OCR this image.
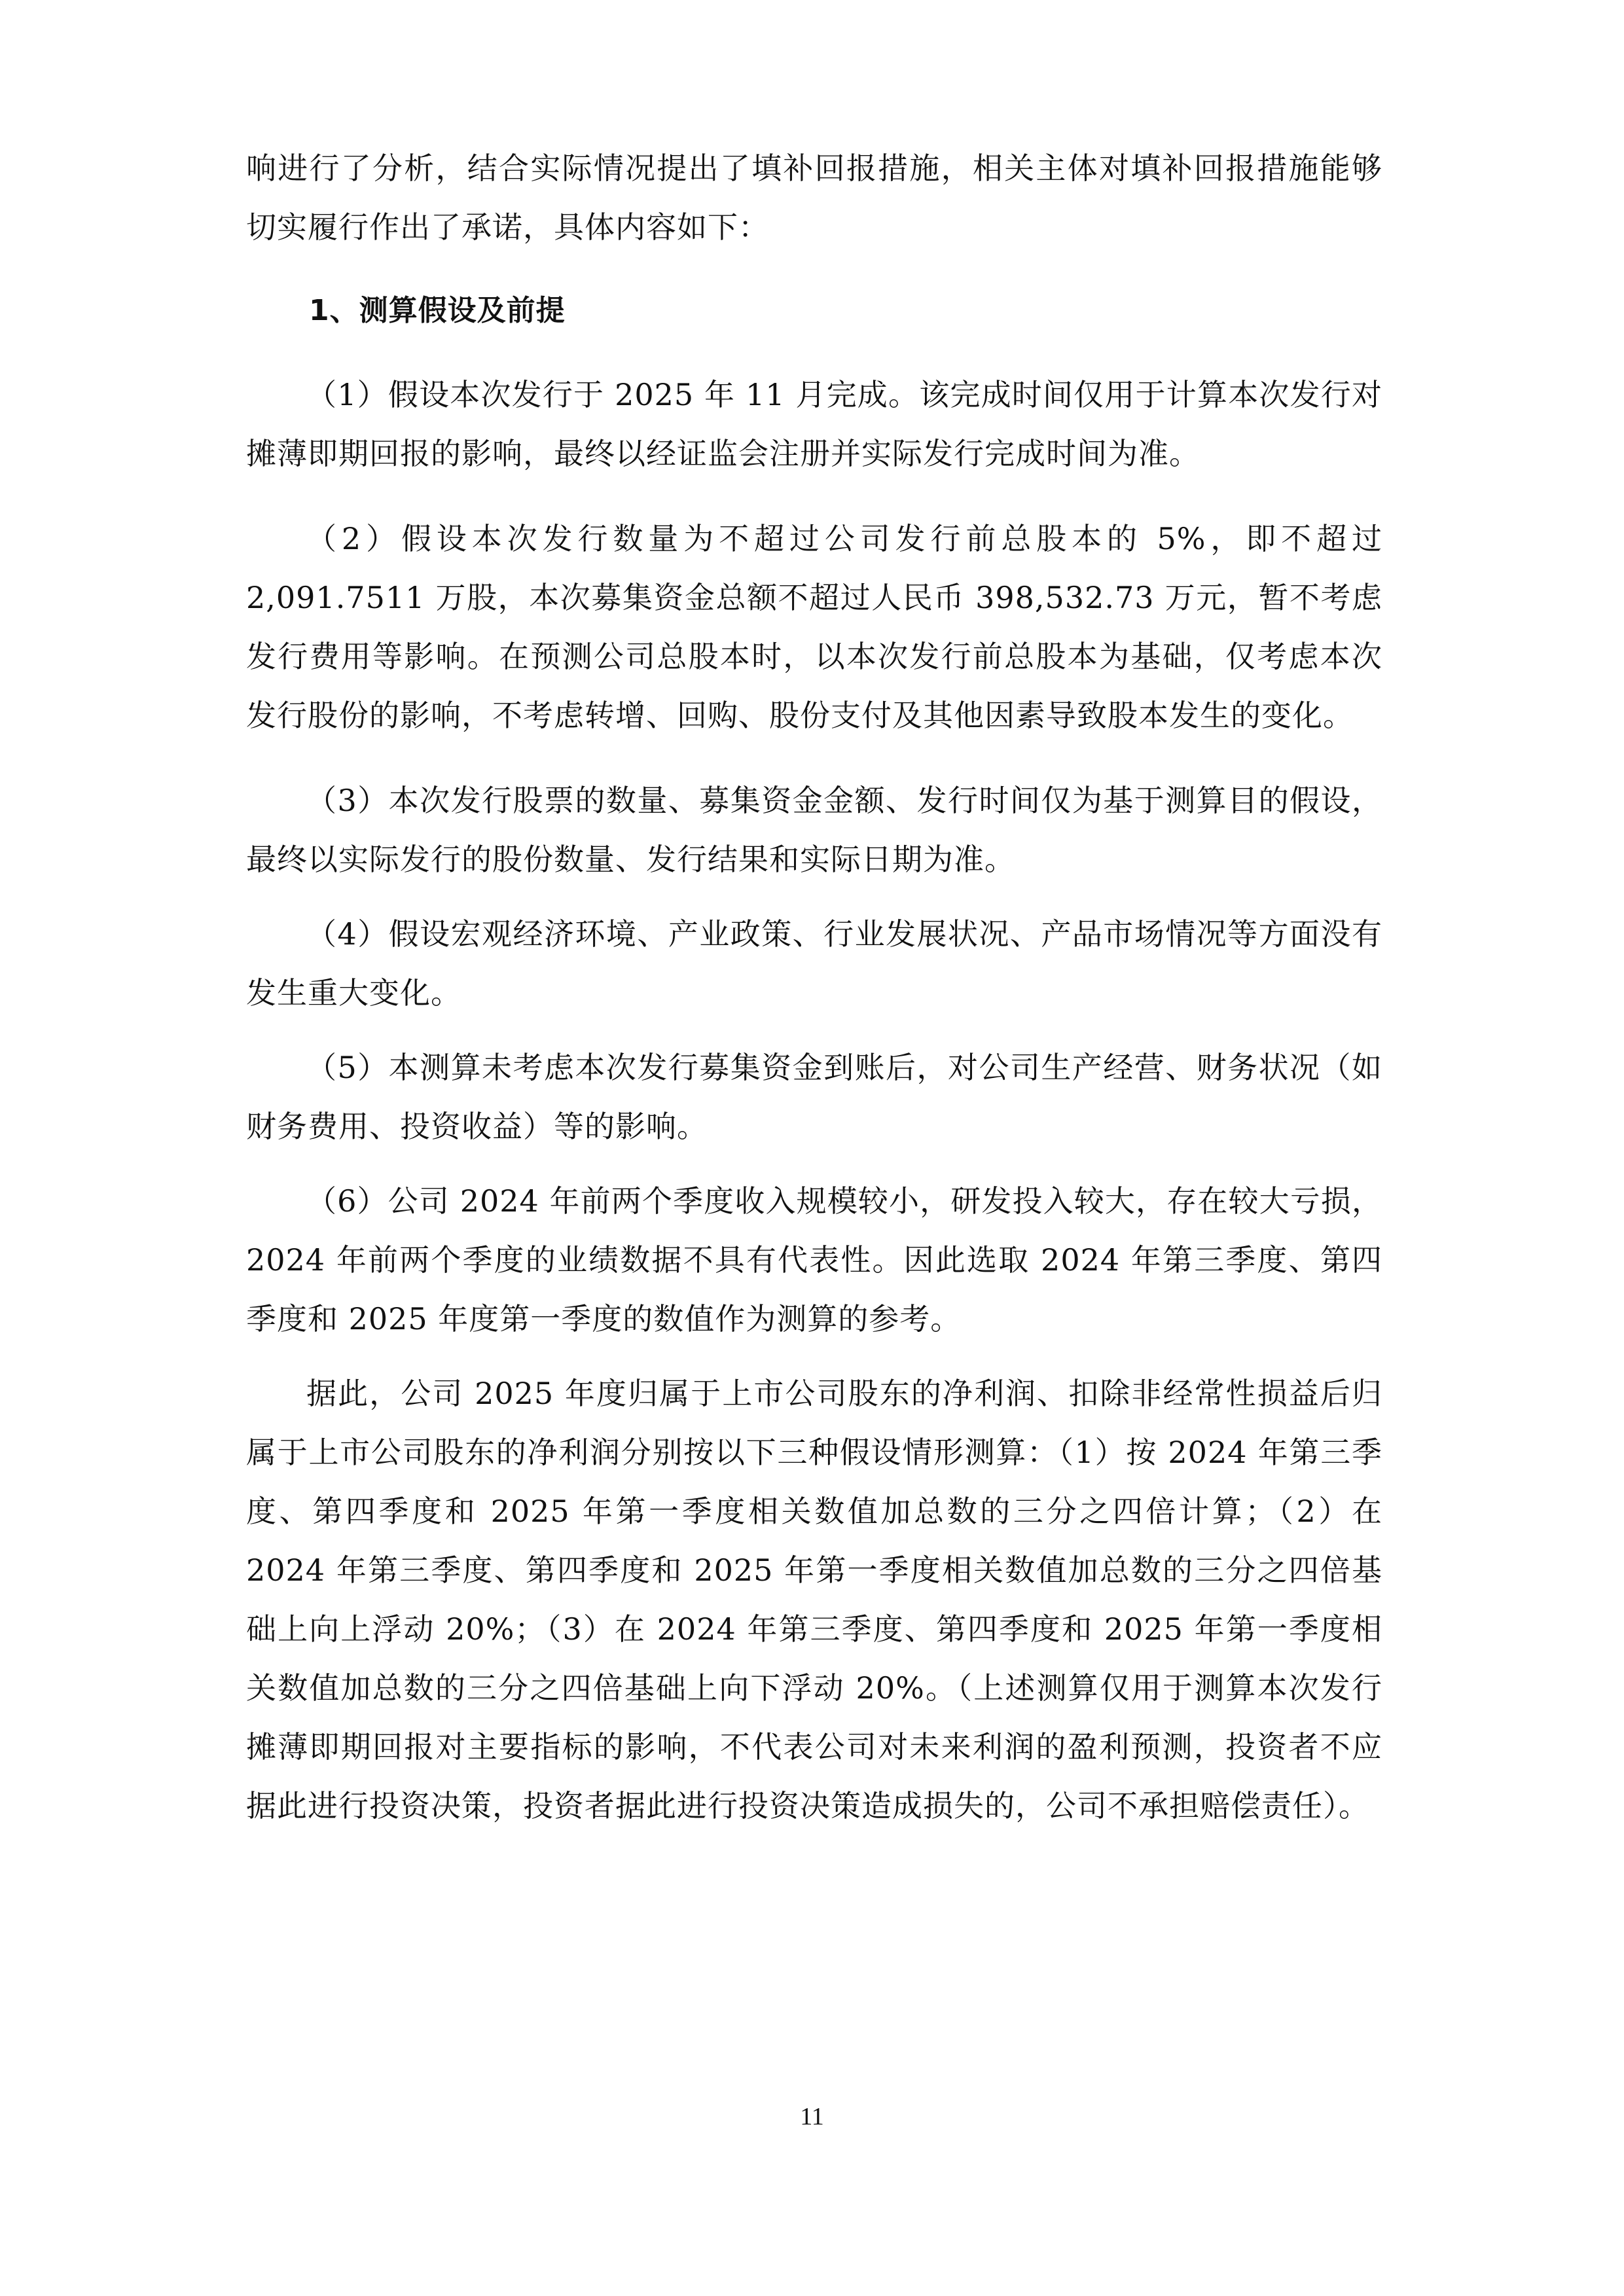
响进行了分析，结合实际情况提出了填补回报措施，相关主体对填补回报措施能够切实履行作出了承诺，具体内容如下：

1、测算假设及前提

（1）假设本次发行于 2025 年 11 月完成。该完成时间仅用于计算本次发行对摊薄即期回报的影响，最终以经证监会注册并实际发行完成时间为准。

（2）假设本次发行数量为不超过公司发行前总股本的 5%，即不超过 2,091.7511 万股，本次募集资金总额不超过人民币 398,532.73 万元，暂不考虑发行费用等影响。在预测公司总股本时，以本次发行前总股本为基础，仅考虑本次发行股份的影响，不考虑转增、回购、股份支付及其他因素导致股本发生的变化。

（3）本次发行股票的数量、募集资金金额、发行时间仅为基于测算目的假设，最终以实际发行的股份数量、发行结果和实际日期为准。

（4）假设宏观经济环境、产业政策、行业发展状况、产品市场情况等方面没有发生重大变化。

（5）本测算未考虑本次发行募集资金到账后，对公司生产经营、财务状况（如财务费用、投资收益）等的影响。

（6）公司 2024 年前两个季度收入规模较小，研发投入较大，存在较大亏损，2024 年前两个季度的业绩数据不具有代表性。因此选取 2024 年第三季度、第四季度和 2025 年度第一季度的数值作为测算的参考。

据此，公司 2025 年度归属于上市公司股东的净利润、扣除非经常性损益后归属于上市公司股东的净利润分别按以下三种假设情形测算：（1）按 2024 年第三季度、第四季度和 2025 年第一季度相关数值加总数的三分之四倍计算；（2）在 2024 年第三季度、第四季度和 2025 年第一季度相关数值加总数的三分之四倍基础上向上浮动 20%；（3）在 2024 年第三季度、第四季度和 2025 年第一季度相关数值加总数的三分之四倍基础上向下浮动 20%。（上述测算仅用于测算本次发行摊薄即期回报对主要指标的影响，不代表公司对未来利润的盈利预测，投资者不应据此进行投资决策，投资者据此进行投资决策造成损失的，公司不承担赔偿责任）。

11
